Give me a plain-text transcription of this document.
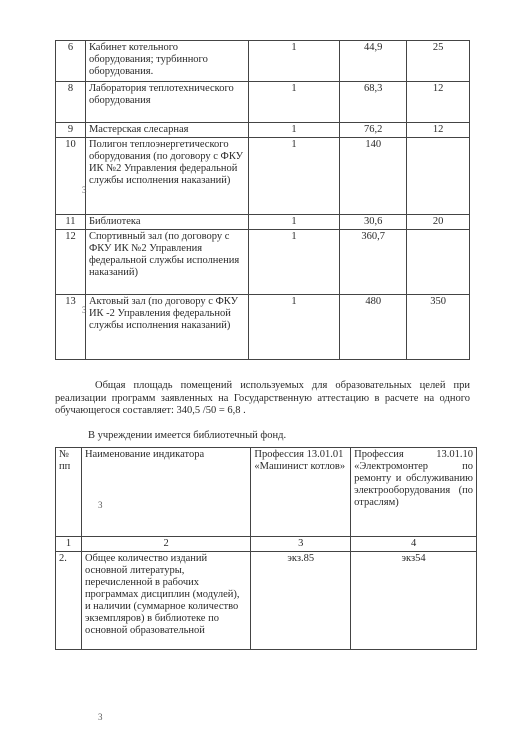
6	Кабинет котельного оборудования; турбинного оборудования.	1	44,9	25
8	Лаборатория теплотехнического оборудования	1	68,3	12
9	Мастерская слесарная	1	76,2	12
10	Полигон теплоэнергетического оборудования (по договору с ФКУ ИК №2 Управления федеральной службы исполнения наказаний)	1	140	
11	Библиотека	1	30,6	20
12	Спортивный зал (по договору с ФКУ ИК №2 Управления федеральной службы исполнения наказаний)	1	360,7	
13	Актовый зал (по договору с ФКУ ИК -2 Управления федеральной службы исполнения наказаний)	1	480	350
3
3
Общая площадь помещений используемых для образовательных целей при реализации программ заявленных на Государственную аттестацию в расчете на одного обучающегося составляет: 340,5 /50 = 6,8 .
В учреждении имеется библиотечный фонд.
№ пп	Наименование индикатора	Профессия 13.01.01 «Машинист котлов»	Профессия 13.01.10 «Электромонтер по ремонту и обслуживанию электрооборудования (по отраслям)
1	2	3	4
2.	Общее количество изданий основной литературы, перечисленной в рабочих программах дисциплин (модулей), и наличии (суммарное количество экземпляров) в библиотеке по основной образовательной	экз.85	экз54
3
3
